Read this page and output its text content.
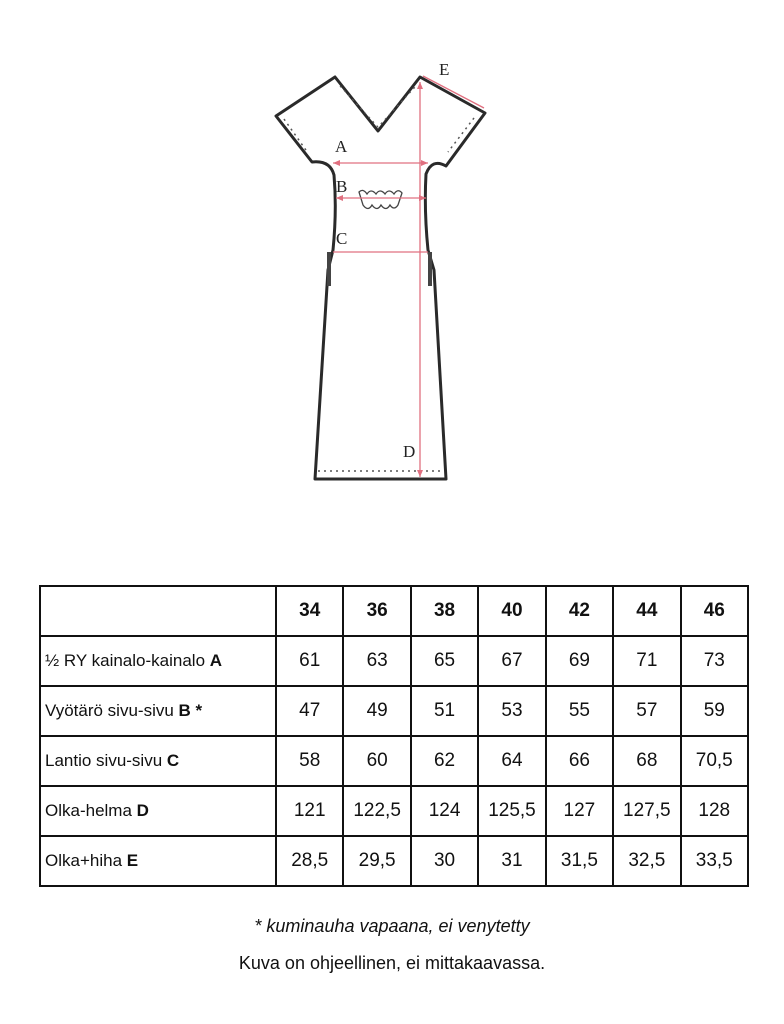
A
B
C
D
E
	34	36	38	40	42	44	46
½ RY kainalo-kainalo A	61	63	65	67	69	71	73
Vyötärö sivu-sivu B *	47	49	51	53	55	57	59
Lantio sivu-sivu C	58	60	62	64	66	68	70,5
Olka-helma D	121	122,5	124	125,5	127	127,5	128
Olka+hiha E	28,5	29,5	30	31	31,5	32,5	33,5
* kuminauha vapaana, ei venytetty
Kuva on ohjeellinen, ei mittakaavassa.
